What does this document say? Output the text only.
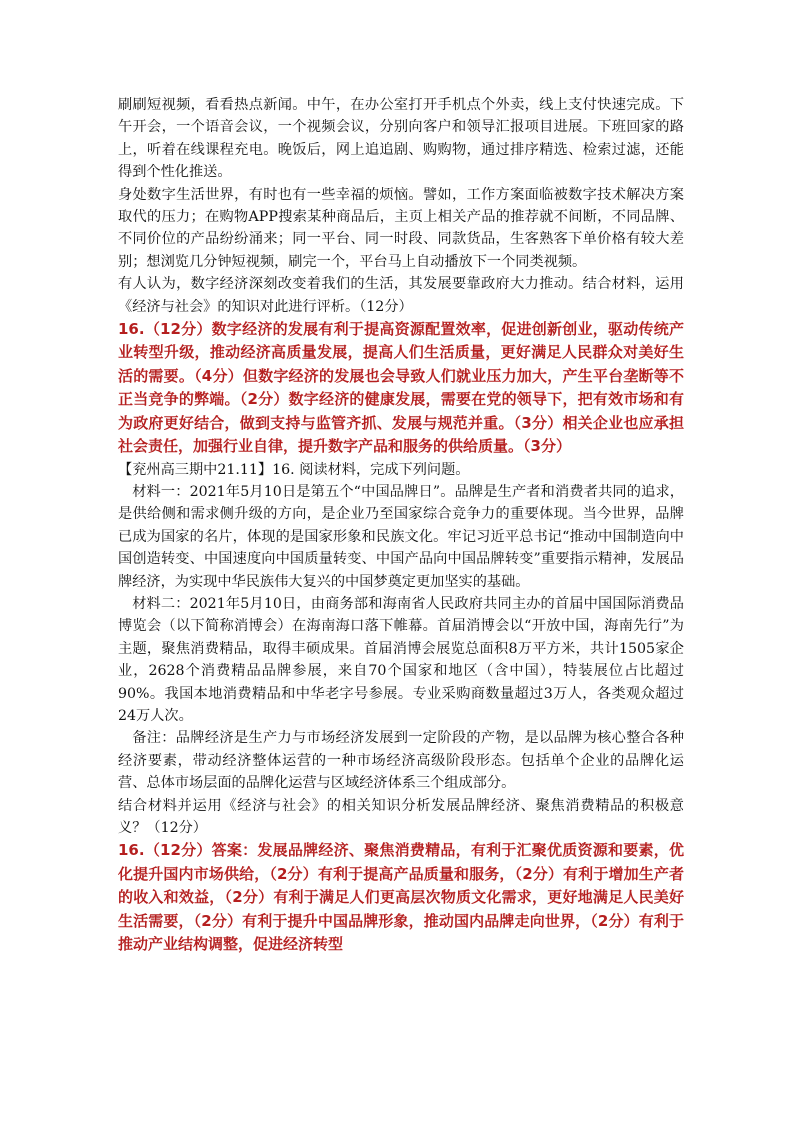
刷刷短视频，看看热点新闻。中午，在办公室打开手机点个外卖，线上支付快速完成。下午开会，一个语音会议，一个视频会议，分别向客户和领导汇报项目进展。下班回家的路上，听着在线课程充电。晚饭后，网上追追剧、购购物，通过排序精选、检索过滤，还能得到个性化推送。

身处数字生活世界，有时也有一些幸福的烦恼。譬如，工作方案面临被数字技术解决方案取代的压力；在购物APP搜索某种商品后，主页上相关产品的推荐就不间断，不同品牌、不同价位的产品纷纷涌来；同一平台、同一时段、同款货品，生客熟客下单价格有较大差别；想浏览几分钟短视频，刷完一个，平台马上自动播放下一个同类视频。

有人认为，数字经济深刻改变着我们的生活，其发展要靠政府大力推动。结合材料，运用《经济与社会》的知识对此进行评析。（12分）

16.（12分）数字经济的发展有利于提高资源配置效率，促进创新创业，驱动传统产业转型升级，推动经济高质量发展，提高人们生活质量，更好满足人民群众对美好生活的需要。（4分）但数字经济的发展也会导致人们就业压力加大，产生平台垄断等不正当竞争的弊端。（2分）数字经济的健康发展，需要在党的领导下，把有效市场和有为政府更好结合，做到支持与监管齐抓、发展与规范并重。（3分）相关企业也应承担社会责任，加强行业自律，提升数字产品和服务的供给质量。（3分）

【兖州高三期中21.11】16. 阅读材料，完成下列问题。

材料一：2021年5月10日是第五个“中国品牌日”。品牌是生产者和消费者共同的追求，是供给侧和需求侧升级的方向，是企业乃至国家综合竞争力的重要体现。当今世界，品牌已成为国家的名片，体现的是国家形象和民族文化。牢记习近平总书记“推动中国制造向中国创造转变、中国速度向中国质量转变、中国产品向中国品牌转变”重要指示精神，发展品牌经济，为实现中华民族伟大复兴的中国梦奠定更加坚实的基础。

材料二：2021年5月10日，由商务部和海南省人民政府共同主办的首届中国国际消费品博览会（以下简称消博会）在海南海口落下帷幕。首届消博会以“开放中国，海南先行”为主题，聚焦消费精品，取得丰硕成果。首届消博会展览总面积8万平方米，共计1505家企业，2628个消费精品品牌参展，来自70个国家和地区（含中国），特装展位占比超过90%。我国本地消费精品和中华老字号参展。专业采购商数量超过3万人，各类观众超过24万人次。

备注：品牌经济是生产力与市场经济发展到一定阶段的产物，是以品牌为核心整合各种经济要素，带动经济整体运营的一种市场经济高级阶段形态。包括单个企业的品牌化运营、总体市场层面的品牌化运营与区域经济体系三个组成部分。

结合材料并运用《经济与社会》的相关知识分析发展品牌经济、聚焦消费精品的积极意义？（12分）

16.（12分）答案：发展品牌经济、聚焦消费精品，有利于汇聚优质资源和要素，优化提升国内市场供给，（2分）有利于提高产品质量和服务，（2分）有利于增加生产者的收入和效益，（2分）有利于满足人们更高层次物质文化需求，更好地满足人民美好生活需要，（2分）有利于提升中国品牌形象，推动国内品牌走向世界，（2分）有利于推动产业结构调整，促进经济转型
